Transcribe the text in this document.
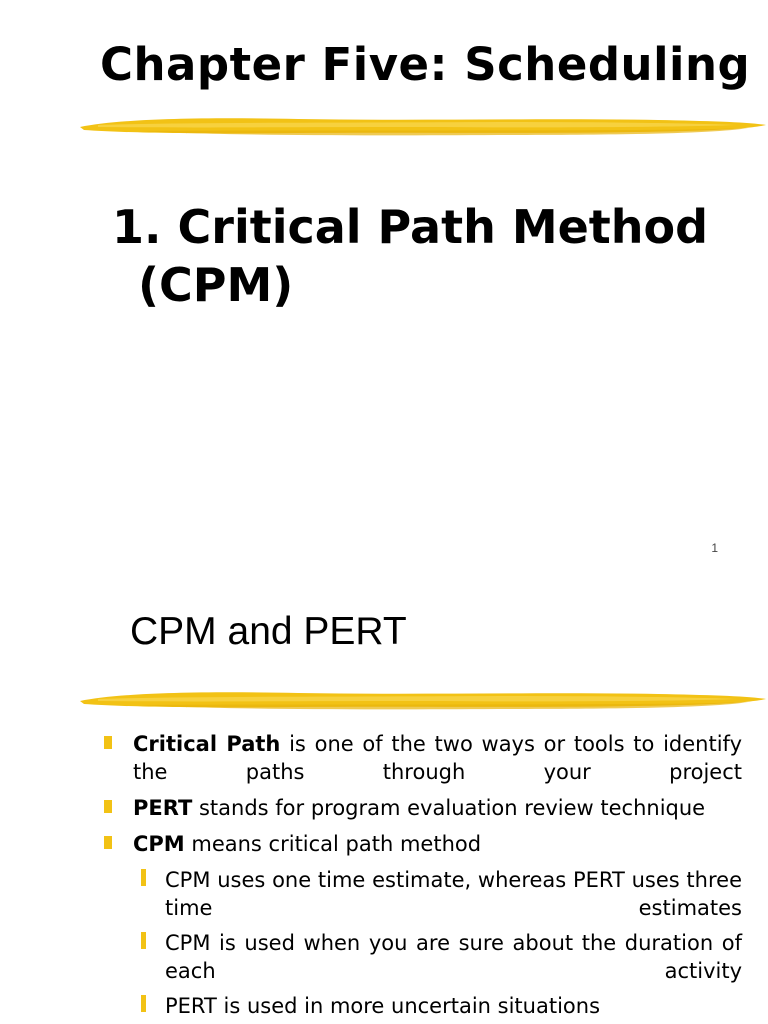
Chapter Five: Scheduling
1. Critical Path Method
(CPM)
1
CPM and PERT
Critical Path is one of the two ways or tools to identify the paths through your project
PERT stands for program evaluation review technique
CPM means critical path method
CPM uses one time estimate, whereas PERT uses three time estimates
CPM is used when you are sure about the duration of each activity
PERT is used in more uncertain situations
